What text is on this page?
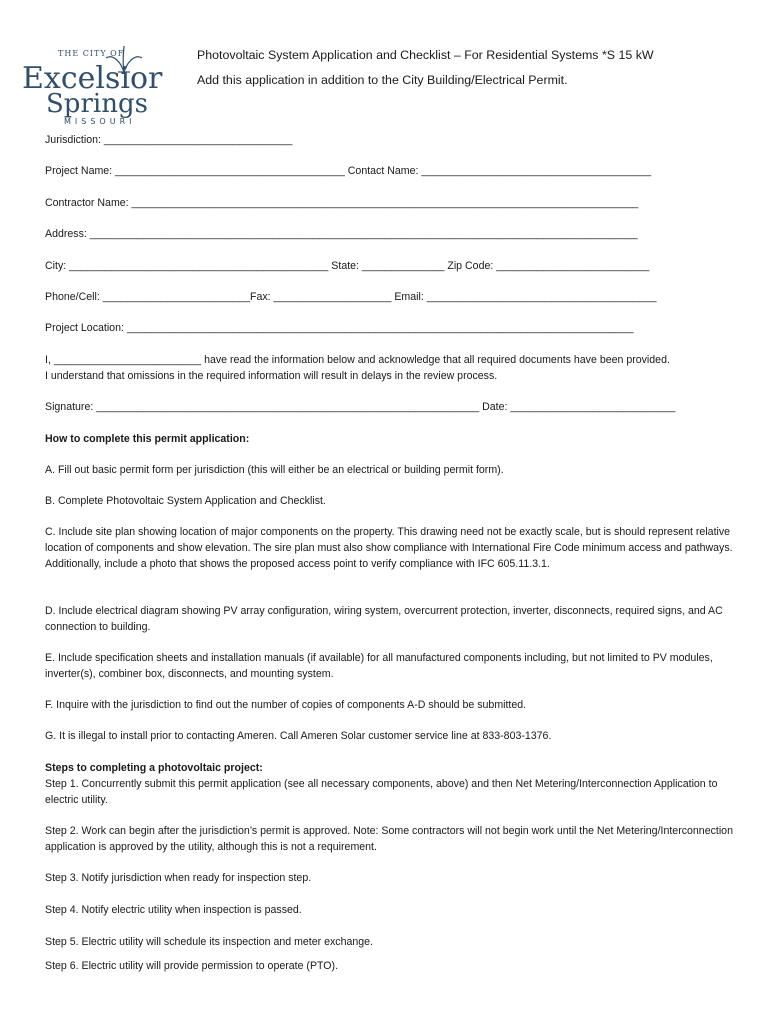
THE CITY OF
Excelsior
Springs
MISSOURI
Photovoltaic System Application and Checklist – For Residential Systems *S 15 kW
Add this application in addition to the City Building/Electrical Permit.
Jurisdiction: ________________________________
Project Name: _______________________________________ Contact Name: _______________________________________
Contractor Name: ______________________________________________________________________________________
Address: _____________________________________________________________________________________________
City: ____________________________________________ State: ______________ Zip Code: __________________________
Phone/Cell: _________________________Fax: ____________________ Email: _______________________________________
Project Location: ______________________________________________________________________________________
I, _________________________ have read the information below and acknowledge that all required documents have been provided.
I understand that omissions in the required information will result in delays in the review process.
Signature: _________________________________________________________________ Date: ____________________________
How to complete this permit application:
A. Fill out basic permit form per jurisdiction (this will either be an electrical or building permit form).
B. Complete Photovoltaic System Application and Checklist.
C. Include site plan showing location of major components on the property. This drawing need not be exactly scale, but is should represent relative location of components and show elevation. The sire plan must also show compliance with International Fire Code minimum access and pathways. Additionally, include a photo that shows the proposed access point to verify compliance with IFC 605.11.3.1.
D. Include electrical diagram showing PV array configuration, wiring system, overcurrent protection, inverter, disconnects, required signs, and AC connection to building.
E. Include specification sheets and installation manuals (if available) for all manufactured components including, but not limited to PV modules, inverter(s), combiner box, disconnects, and mounting system.
F. Inquire with the jurisdiction to find out the number of copies of components A-D should be submitted.
G. It is illegal to install prior to contacting Ameren. Call Ameren Solar customer service line at 833-803-1376.
Steps to completing a photovoltaic project:
Step 1. Concurrently submit this permit application (see all necessary components, above) and then Net Metering/Interconnection Application to electric utility.
Step 2. Work can begin after the jurisdiction’s permit is approved. Note: Some contractors will not begin work until the Net Metering/Interconnection application is approved by the utility, although this is not a requirement.
Step 3. Notify jurisdiction when ready for inspection step.
Step 4. Notify electric utility when inspection is passed.
Step 5. Electric utility will schedule its inspection and meter exchange.
Step 6. Electric utility will provide permission to operate (PTO).
